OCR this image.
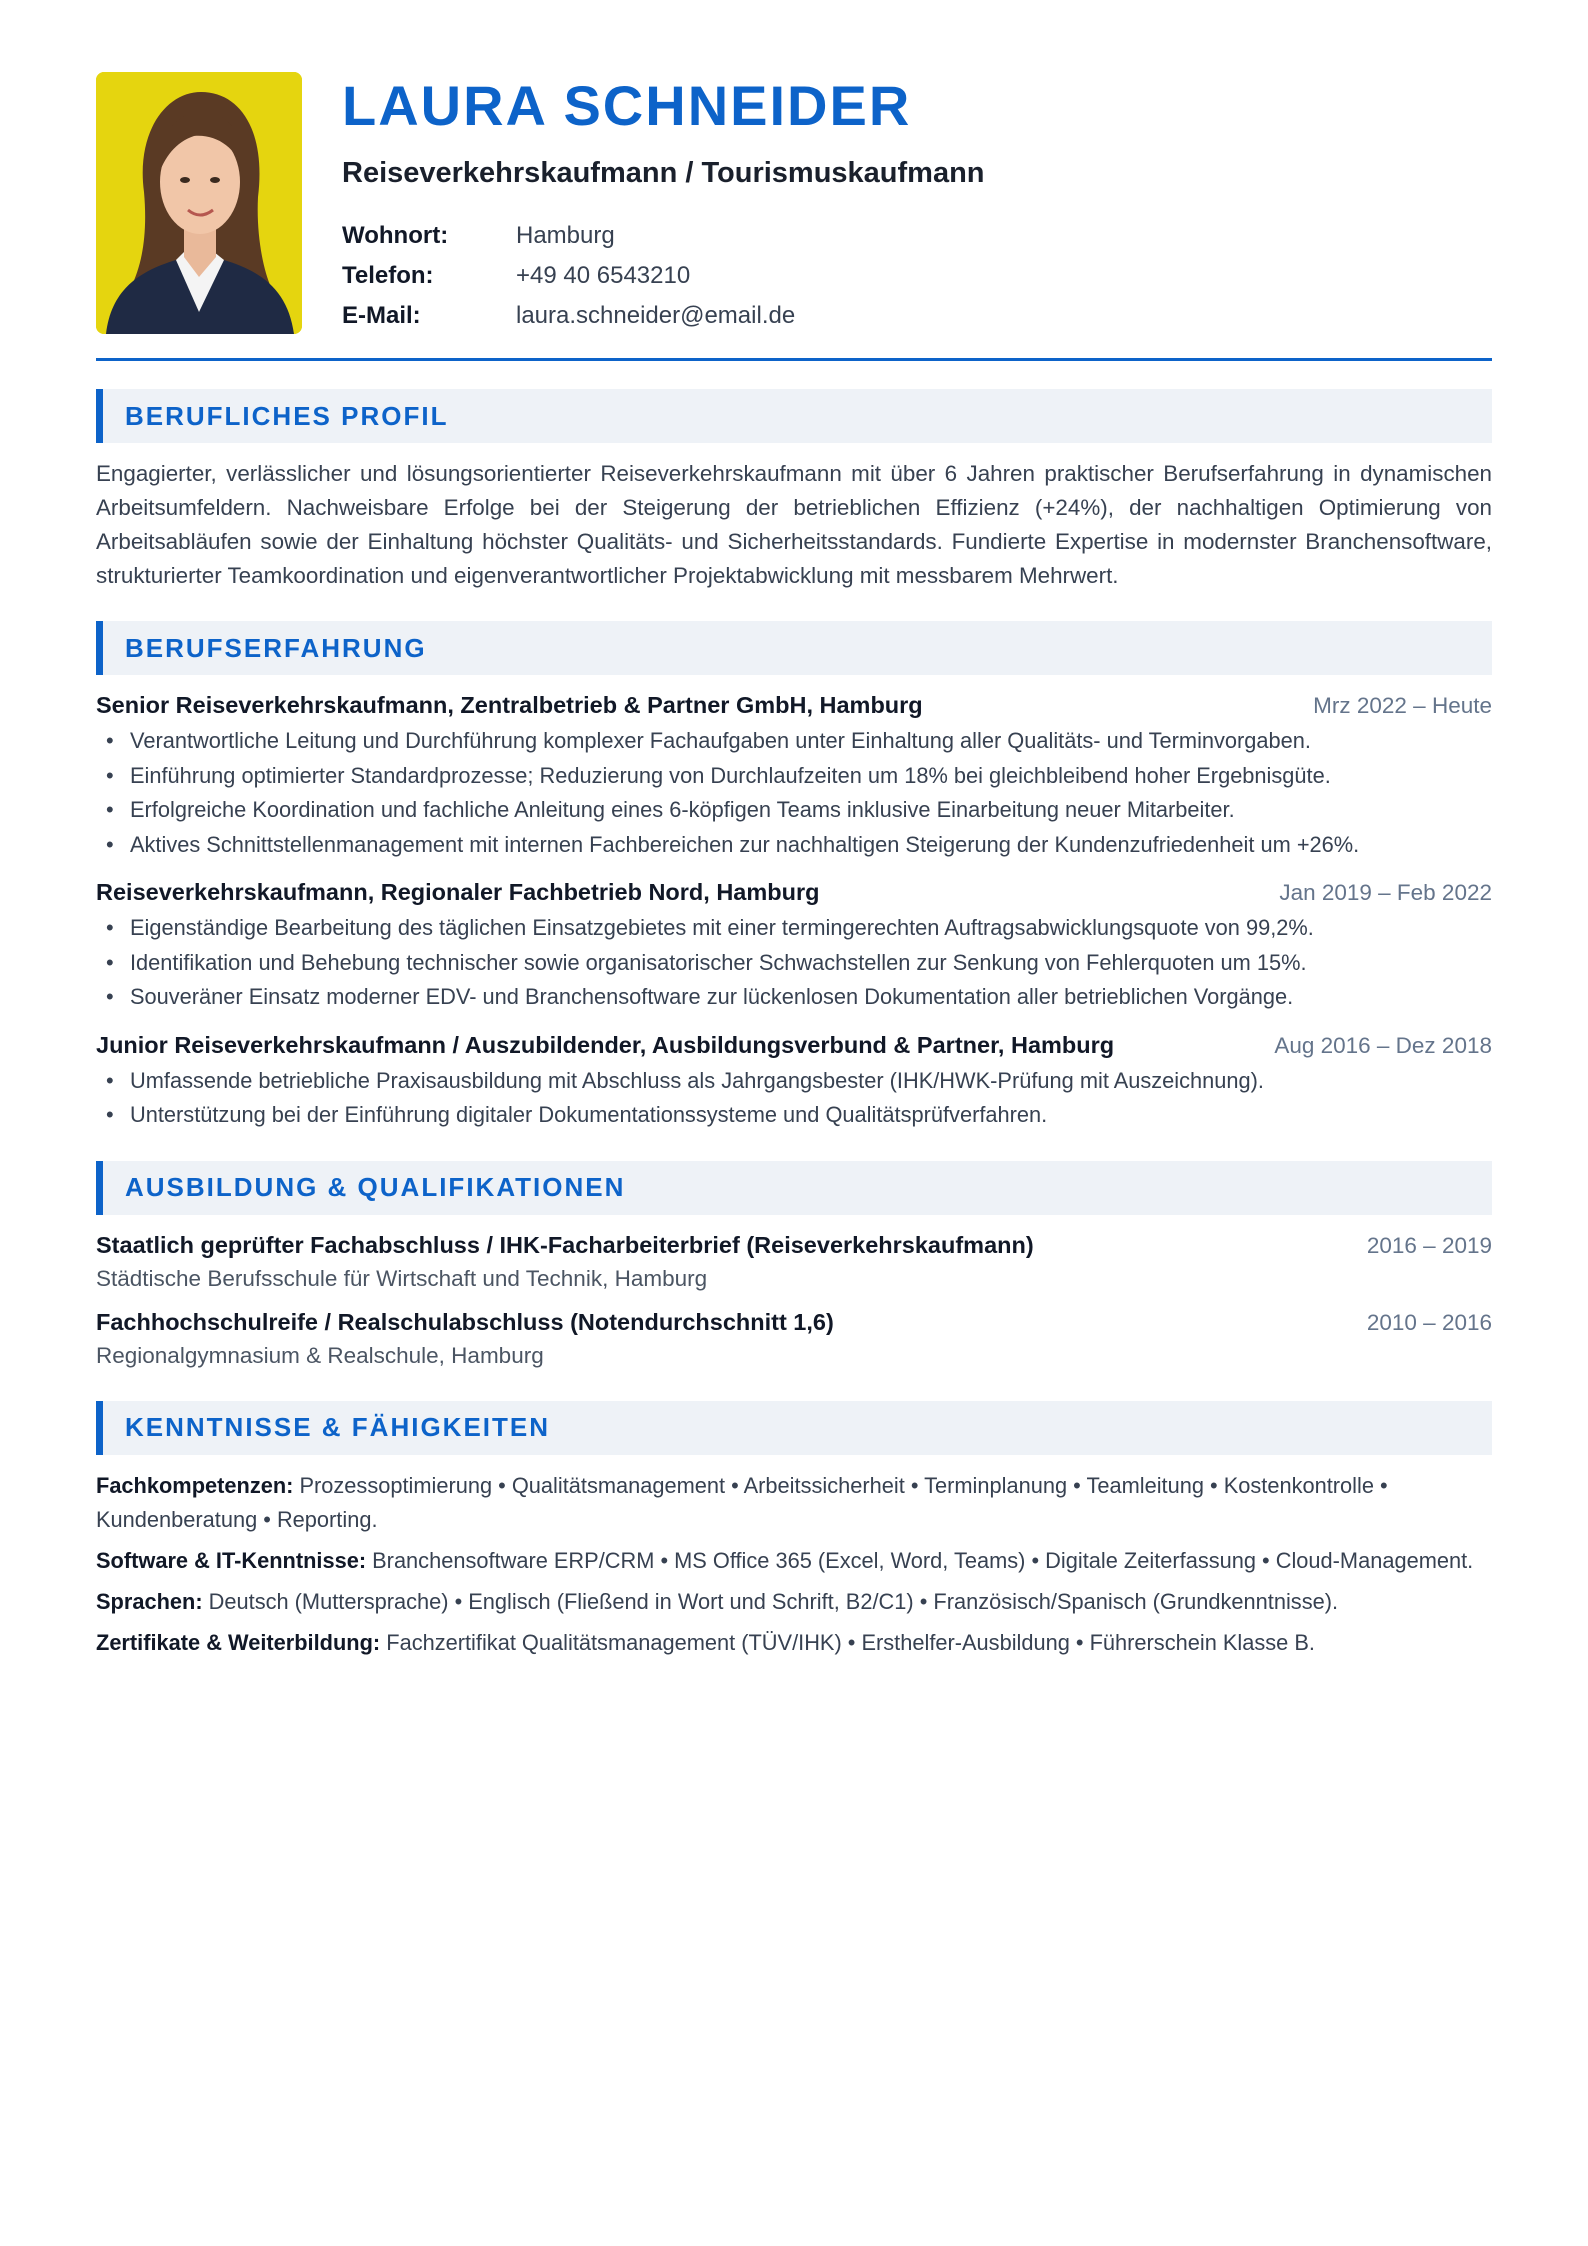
LAURA SCHNEIDER
Reiseverkehrskaufmann / Tourismuskaufmann
Wohnort:	Hamburg
Telefon:	+49 40 6543210
E-Mail:	laura.schneider@email.de
BERUFLICHES PROFIL

Engagierter, verlässlicher und lösungsorientierter Reiseverkehrskaufmann mit über 6 Jahren praktischer Berufserfahrung in dynamischen Arbeitsumfeldern. Nachweisbare Erfolge bei der Steigerung der betrieblichen Effizienz (+24%), der nachhaltigen Optimierung von Arbeitsabläufen sowie der Einhaltung höchster Qualitäts- und Sicherheitsstandards. Fundierte Expertise in modernster Branchensoftware, strukturierter Teamkoordination und eigenverantwortlicher Projektabwicklung mit messbarem Mehrwert.

BERUFSERFAHRUNG
Senior Reiseverkehrskaufmann, Zentralbetrieb & Partner GmbH, Hamburg	Mrz 2022 – Heute
• Verantwortliche Leitung und Durchführung komplexer Fachaufgaben unter Einhaltung aller Qualitäts- und Terminvorgaben.
• Einführung optimierter Standardprozesse; Reduzierung von Durchlaufzeiten um 18% bei gleichbleibend hoher Ergebnisgüte.
• Erfolgreiche Koordination und fachliche Anleitung eines 6-köpfigen Teams inklusive Einarbeitung neuer Mitarbeiter.
• Aktives Schnittstellenmanagement mit internen Fachbereichen zur nachhaltigen Steigerung der Kundenzufriedenheit um +26%.
Reiseverkehrskaufmann, Regionaler Fachbetrieb Nord, Hamburg	Jan 2019 – Feb 2022
• Eigenständige Bearbeitung des täglichen Einsatzgebietes mit einer termingerechten Auftragsabwicklungsquote von 99,2%.
• Identifikation und Behebung technischer sowie organisatorischer Schwachstellen zur Senkung von Fehlerquoten um 15%.
• Souveräner Einsatz moderner EDV- und Branchensoftware zur lückenlosen Dokumentation aller betrieblichen Vorgänge.
Junior Reiseverkehrskaufmann / Auszubildender, Ausbildungsverbund & Partner, Hamburg	Aug 2016 – Dez 2018
• Umfassende betriebliche Praxisausbildung mit Abschluss als Jahrgangsbester (IHK/HWK-Prüfung mit Auszeichnung).
• Unterstützung bei der Einführung digitaler Dokumentationssysteme und Qualitätsprüfverfahren.
AUSBILDUNG & QUALIFIKATIONEN
Staatlich geprüfter Fachabschluss / IHK-Facharbeiterbrief (Reiseverkehrskaufmann)	2016 – 2019
Städtische Berufsschule für Wirtschaft und Technik, Hamburg
Fachhochschulreife / Realschulabschluss (Notendurchschnitt 1,6)	2010 – 2016
Regionalgymnasium & Realschule, Hamburg
KENNTNISSE & FÄHIGKEITEN

Fachkompetenzen: Prozessoptimierung • Qualitätsmanagement • Arbeitssicherheit • Terminplanung • Teamleitung • Kostenkontrolle • Kundenberatung • Reporting.

Software & IT-Kenntnisse: Branchensoftware ERP/CRM • MS Office 365 (Excel, Word, Teams) • Digitale Zeiterfassung • Cloud-Management.

Sprachen: Deutsch (Muttersprache) • Englisch (Fließend in Wort und Schrift, B2/C1) • Französisch/Spanisch (Grundkenntnisse).

Zertifikate & Weiterbildung: Fachzertifikat Qualitätsmanagement (TÜV/IHK) • Ersthelfer-Ausbildung • Führerschein Klasse B.
